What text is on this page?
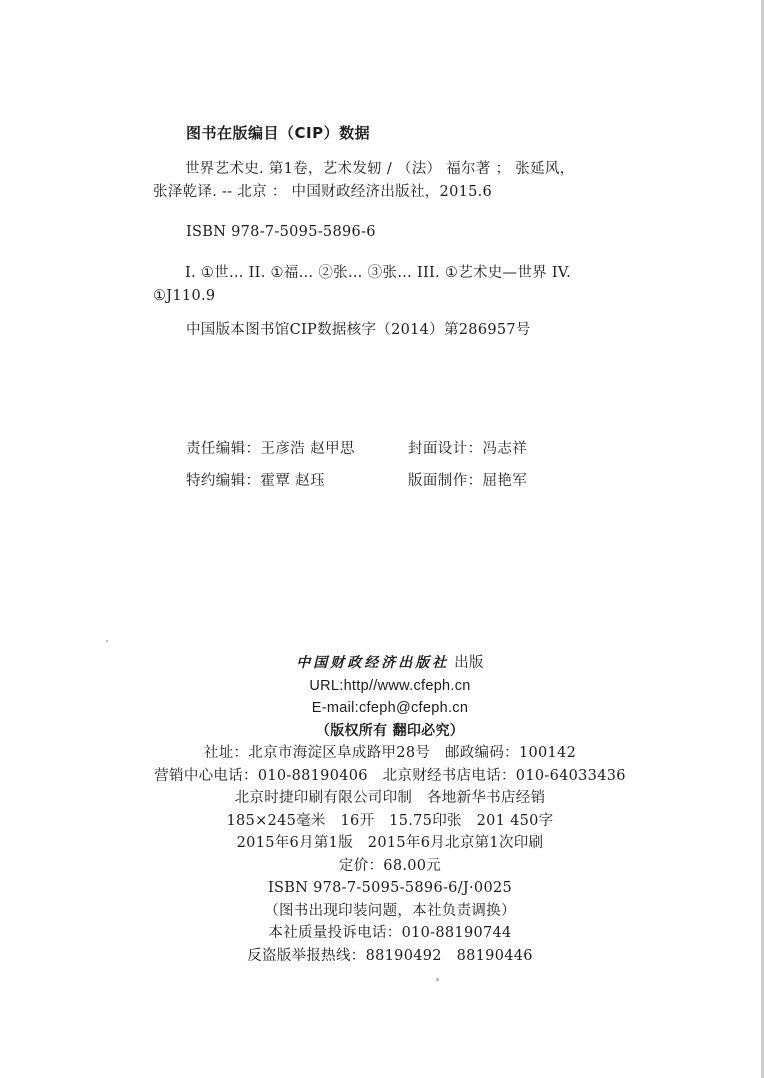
图书在版编目（CIP）数据
世界艺术史. 第1卷，艺术发轫 / （法） 福尔著 ； 张延风， 张泽乾译. -- 北京 ： 中国财政经济出版社，2015.6
ISBN 978-7-5095-5896-6
I. ①世… II. ①福… ②张… ③张… III. ①艺术史—世界 IV. ①J110.9
中国版本图书馆CIP数据核字（2014）第286957号
责任编辑：王彦浩 赵甲思	封面设计：冯志祥
特约编辑：霍覃 赵珏	版面制作：屈艳军
中国财政经济出版社 出版
URL:http//www.cfeph.cn
E-mail:cfeph@cfeph.cn
（版权所有 翻印必究）
社址：北京市海淀区阜成路甲28号　邮政编码：100142
营销中心电话：010-88190406　北京财经书店电话：010-64033436
北京时捷印刷有限公司印制　各地新华书店经销
185×245毫米　16开　15.75印张　201 450字
2015年6月第1版　2015年6月北京第1次印刷
定价：68.00元
ISBN 978-7-5095-5896-6/J·0025
（图书出现印装问题，本社负责调换）
本社质量投诉电话：010-88190744
反盗版举报热线：88190492　88190446
